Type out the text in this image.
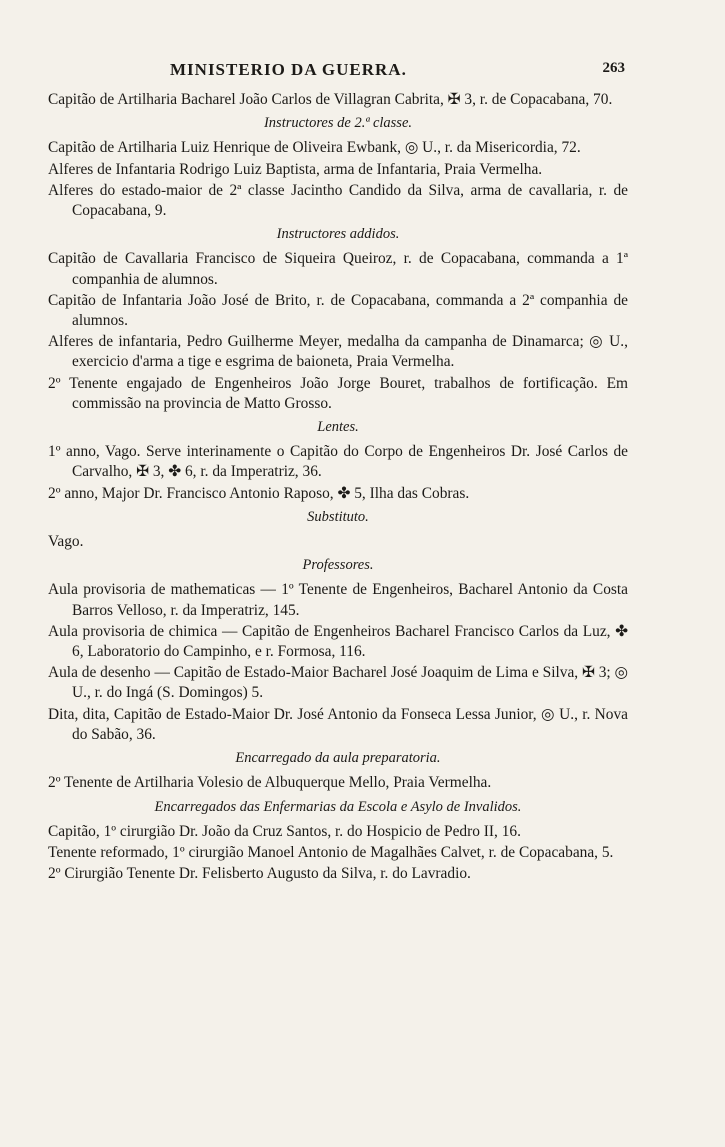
MINISTERIO DA GUERRA.	263

Capitão de Artilharia Bacharel João Carlos de Villagran Cabrita, ✠ 3, r. de Copacabana, 70.

Instructores de 2.ª classe.

Capitão de Artilharia Luiz Henrique de Oliveira Ewbank, ◎ U., r. da Misericordia, 72.

Alferes de Infantaria Rodrigo Luiz Baptista, arma de Infantaria, Praia Vermelha.

Alferes do estado-maior de 2ª classe Jacintho Candido da Silva, arma de cavallaria, r. de Copacabana, 9.

Instructores addidos.

Capitão de Cavallaria Francisco de Siqueira Queiroz, r. de Copacabana, commanda a 1ª companhia de alumnos.

Capitão de Infantaria João José de Brito, r. de Copacabana, commanda a 2ª companhia de alumnos.

Alferes de infantaria, Pedro Guilherme Meyer, medalha da campanha de Dinamarca; ◎ U., exercicio d'arma a tige e esgrima de baioneta, Praia Vermelha.

2º Tenente engajado de Engenheiros João Jorge Bouret, trabalhos de fortificação. Em commissão na provincia de Matto Grosso.

Lentes.

1º anno, Vago. Serve interinamente o Capitão do Corpo de Engenheiros Dr. José Carlos de Carvalho, ✠ 3, ✤ 6, r. da Imperatriz, 36.

2º anno, Major Dr. Francisco Antonio Raposo, ✤ 5, Ilha das Cobras.

Substituto.

Vago.

Professores.

Aula provisoria de mathematicas — 1º Tenente de Engenheiros, Bacharel Antonio da Costa Barros Velloso, r. da Imperatriz, 145.

Aula provisoria de chimica — Capitão de Engenheiros Bacharel Francisco Carlos da Luz, ✤ 6, Laboratorio do Campinho, e r. Formosa, 116.

Aula de desenho — Capitão de Estado-Maior Bacharel José Joaquim de Lima e Silva, ✠ 3; ◎ U., r. do Ingá (S. Domingos) 5.

Dita, dita, Capitão de Estado-Maior Dr. José Antonio da Fonseca Lessa Junior, ◎ U., r. Nova do Sabão, 36.

Encarregado da aula preparatoria.

2º Tenente de Artilharia Volesio de Albuquerque Mello, Praia Vermelha.

Encarregados das Enfermarias da Escola e Asylo de Invalidos.

Capitão, 1º cirurgião Dr. João da Cruz Santos, r. do Hospicio de Pedro II, 16.

Tenente reformado, 1º cirurgião Manoel Antonio de Magalhães Calvet, r. de Copacabana, 5.

2º Cirurgião Tenente Dr. Felisberto Augusto da Silva, r. do Lavradio.
